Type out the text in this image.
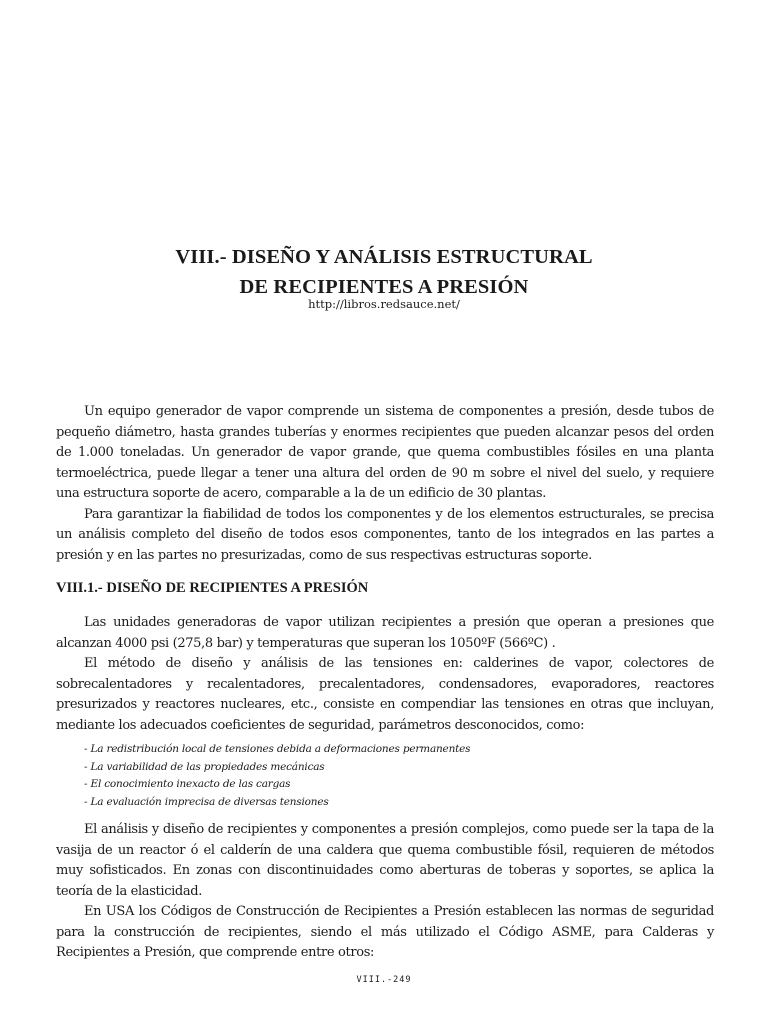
VIII.- DISEÑO Y ANÁLISIS ESTRUCTURAL
DE RECIPIENTES A PRESIÓN
http://libros.redsauce.net/

Un equipo generador de vapor comprende un sistema de componentes a presión, desde tubos de pequeño diámetro, hasta grandes tuberías y enormes recipientes que pueden alcanzar pesos del orden de 1.000 toneladas. Un generador de vapor grande, que quema combustibles fósiles en una planta termoeléctrica, puede llegar a tener una altura del orden de 90 m sobre el nivel del suelo, y requiere una estructura soporte de acero, comparable a la de un edificio de 30 plantas.

Para garantizar la fiabilidad de todos los componentes y de los elementos estructurales, se precisa un análisis completo del diseño de todos esos componentes, tanto de los integrados en las partes a presión y en las partes no presurizadas, como de sus respectivas estructuras soporte.

VIII.1.- DISEÑO DE RECIPIENTES A PRESIÓN

Las unidades generadoras de vapor utilizan recipientes a presión que operan a presiones que alcanzan 4000 psi (275,8 bar) y temperaturas que superan los 1050ºF (566ºC) .

El método de diseño y análisis de las tensiones en: calderines de vapor, colectores de sobrecalentadores y recalentadores, precalentadores, condensadores, evaporadores, reactores presurizados y reactores nucleares, etc., consiste en compendiar las tensiones en otras que incluyan, mediante los adecuados coeficientes de seguridad, parámetros desconocidos, como:

- La redistribución local de tensiones debida a deformaciones permanentes
- La variabilidad de las propiedades mecánicas
- El conocimiento inexacto de las cargas
- La evaluación imprecisa de diversas tensiones

El análisis y diseño de recipientes y componentes a presión complejos, como puede ser la tapa de la vasija de un reactor ó el calderín de una caldera que quema combustible fósil, requieren de métodos muy sofisticados. En zonas con discontinuidades como aberturas de toberas y soportes, se aplica la teoría de la elasticidad.

En USA los Códigos de Construcción de Recipientes a Presión establecen las normas de seguridad para la construcción de recipientes, siendo el más utilizado el Código ASME, para Calderas y Recipientes a Presión, que comprende entre otros:

VIII.-249
